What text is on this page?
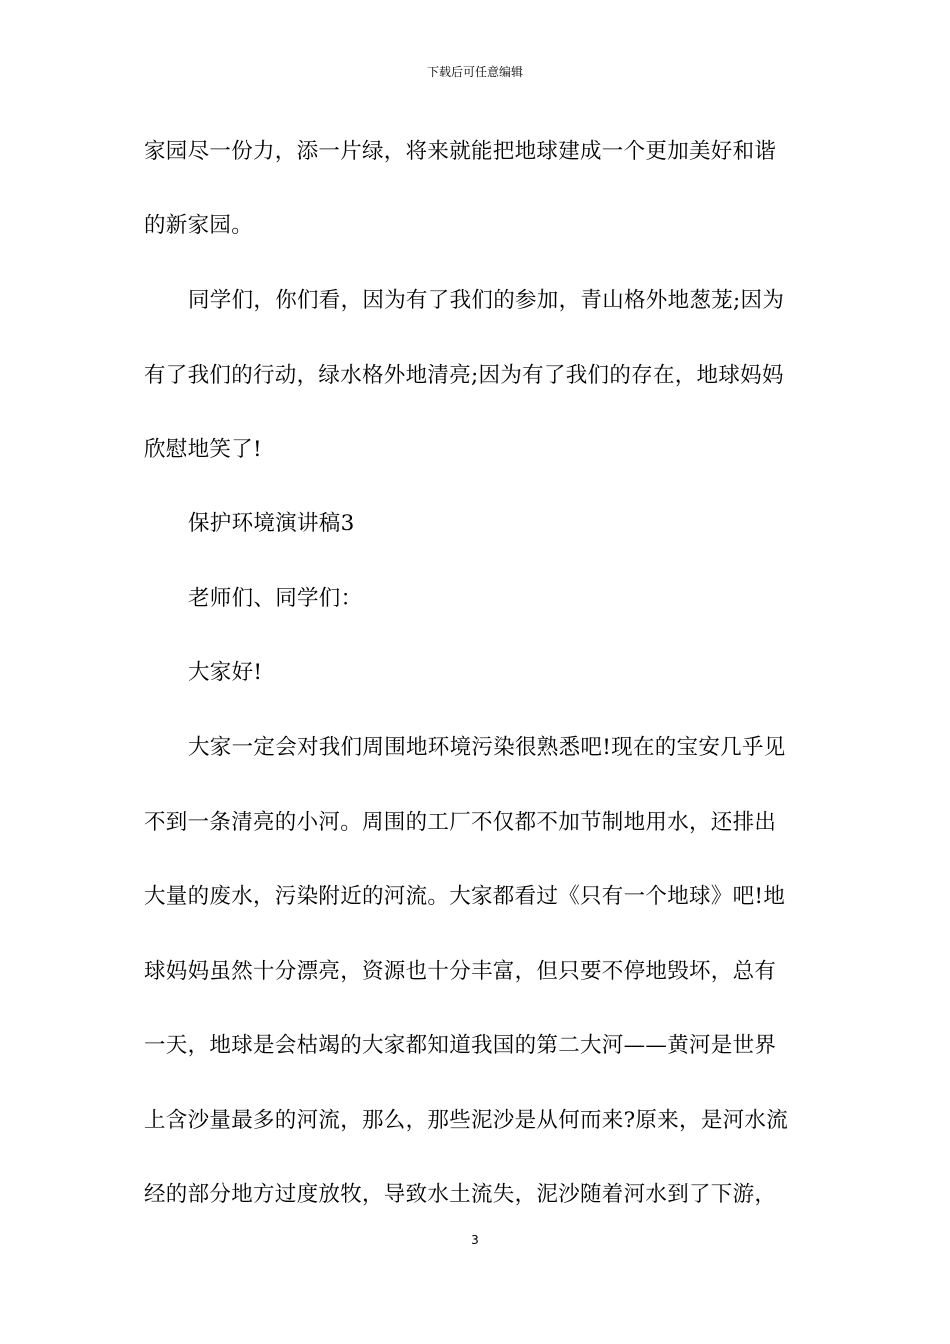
下载后可任意编辑
家园尽一份力，添一片绿，将来就能把地球建成一个更加美好和谐
的新家园。
同学们，你们看，因为有了我们的参加，青山格外地葱茏;因为
有了我们的行动，绿水格外地清亮;因为有了我们的存在，地球妈妈
欣慰地笑了!
保护环境演讲稿3
老师们、同学们：
大家好!
大家一定会对我们周围地环境污染很熟悉吧!现在的宝安几乎见
不到一条清亮的小河。周围的工厂不仅都不加节制地用水，还排出
大量的废水，污染附近的河流。大家都看过《只有一个地球》吧!地
球妈妈虽然十分漂亮，资源也十分丰富，但只要不停地毁坏，总有
一天，地球是会枯竭的大家都知道我国的第二大河——黄河是世界
上含沙量最多的河流，那么，那些泥沙是从何而来?原来，是河水流
经的部分地方过度放牧，导致水土流失，泥沙随着河水到了下游，
3
